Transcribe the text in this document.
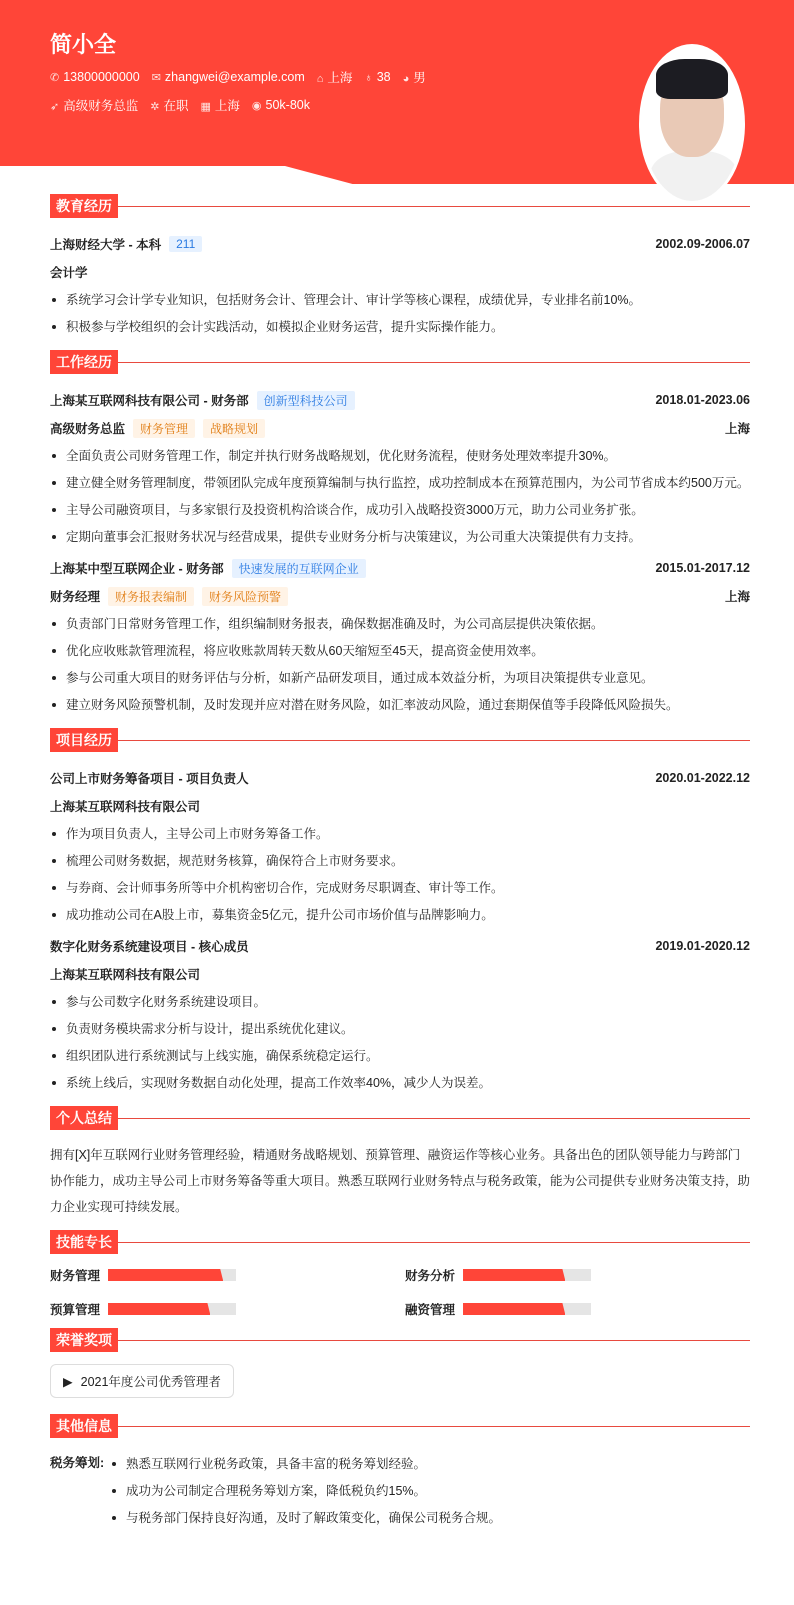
简小全
✆ 13800000000 ✉ zhangwei@example.com ⌂ 上海 ♁ 38 ◕ 男
➶ 高级财务总监 ✲ 在职 ▦ 上海 ◉ 50k-80k
教育经历
上海财经大学 - 本科	211	2002.09-2006.07
会计学
系统学习会计学专业知识，包括财务会计、管理会计、审计学等核心课程，成绩优异，专业排名前10%。
积极参与学校组织的会计实践活动，如模拟企业财务运营，提升实际操作能力。
工作经历
上海某互联网科技有限公司 - 财务部	创新型科技公司	2018.01-2023.06
高级财务总监	财务管理	战略规划	上海
全面负责公司财务管理工作，制定并执行财务战略规划，优化财务流程，使财务处理效率提升30%。
建立健全财务管理制度，带领团队完成年度预算编制与执行监控，成功控制成本在预算范围内，为公司节省成本约500万元。
主导公司融资项目，与多家银行及投资机构洽谈合作，成功引入战略投资3000万元，助力公司业务扩张。
定期向董事会汇报财务状况与经营成果，提供专业财务分析与决策建议，为公司重大决策提供有力支持。
上海某中型互联网企业 - 财务部	快速发展的互联网企业	2015.01-2017.12
财务经理	财务报表编制	财务风险预警	上海
负责部门日常财务管理工作，组织编制财务报表，确保数据准确及时，为公司高层提供决策依据。
优化应收账款管理流程，将应收账款周转天数从60天缩短至45天，提高资金使用效率。
参与公司重大项目的财务评估与分析，如新产品研发项目，通过成本效益分析，为项目决策提供专业意见。
建立财务风险预警机制，及时发现并应对潜在财务风险，如汇率波动风险，通过套期保值等手段降低风险损失。
项目经历
公司上市财务筹备项目 - 项目负责人	2020.01-2022.12
上海某互联网科技有限公司
作为项目负责人，主导公司上市财务筹备工作。
梳理公司财务数据，规范财务核算，确保符合上市财务要求。
与券商、会计师事务所等中介机构密切合作，完成财务尽职调查、审计等工作。
成功推动公司在A股上市，募集资金5亿元，提升公司市场价值与品牌影响力。
数字化财务系统建设项目 - 核心成员	2019.01-2020.12
上海某互联网科技有限公司
参与公司数字化财务系统建设项目。
负责财务模块需求分析与设计，提出系统优化建议。
组织团队进行系统测试与上线实施，确保系统稳定运行。
系统上线后，实现财务数据自动化处理，提高工作效率40%，减少人为误差。
个人总结
拥有[X]年互联网行业财务管理经验，精通财务战略规划、预算管理、融资运作等核心业务。具备出色的团队领导能力与跨部门协作能力，成功主导公司上市财务筹备等重大项目。熟悉互联网行业财务特点与税务政策，能为公司提供专业财务决策支持，助力企业实现可持续发展。
技能专长
财务管理	财务分析
预算管理	融资管理
荣誉奖项
▶ 2021年度公司优秀管理者
其他信息
税务筹划:	熟悉互联网行业税务政策，具备丰富的税务筹划经验。
成功为公司制定合理税务筹划方案，降低税负约15%。
与税务部门保持良好沟通，及时了解政策变化，确保公司税务合规。
